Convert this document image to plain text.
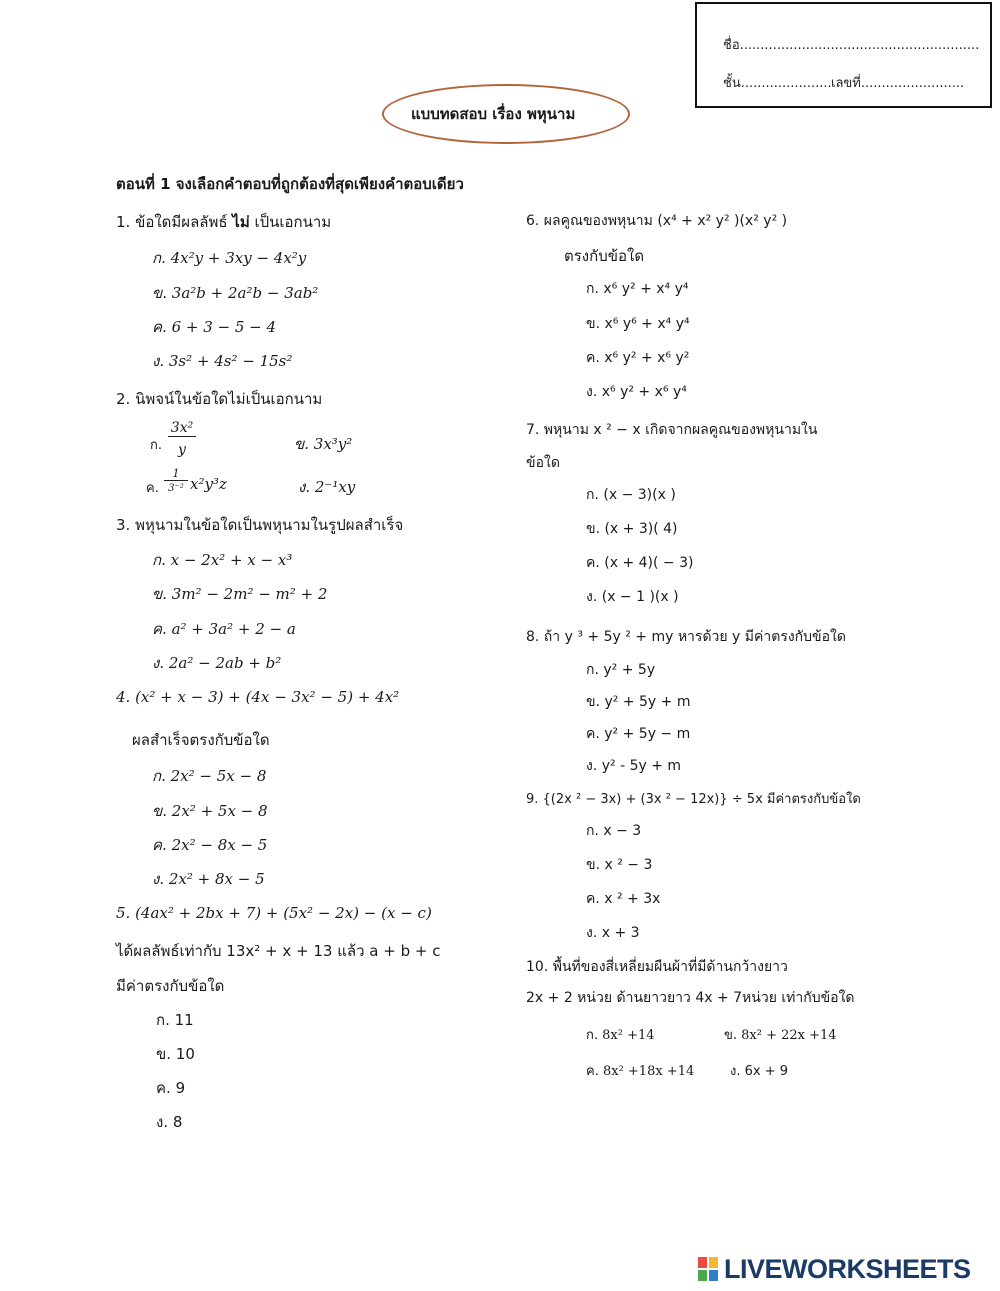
ชื่อ..........................................................
ชั้น...................... เลขที่.........................
แบบทดสอบ เรื่อง พหุนาม
ตอนที่ 1 จงเลือกคำตอบที่ถูกต้องที่สุดเพียงคำตอบเดียว
1. ข้อใดมีผลลัพธ์ ไม่ เป็นเอกนาม
ก. 4x²y + 3xy − 4x²y
ข. 3a²b + 2a²b − 3ab²
ค. 6 + 3 − 5 − 4
ง. 3s² + 4s² − 15s²
2. นิพจน์ในข้อใดไม่เป็นเอกนาม
ก.
3x²
y	ข. 3x³y²
ค.
1
3⁻² x²y³z	ง. 2⁻¹xy
3. พหุนามในข้อใดเป็นพหุนามในรูปผลสำเร็จ
ก. x − 2x² + x − x³
ข. 3m² − 2m² − m² + 2
ค. a² + 3a² + 2 − a
ง. 2a² − 2ab + b²
4. (x² + x − 3) + (4x − 3x² − 5) + 4x²
ผลสำเร็จตรงกับข้อใด
ก. 2x² − 5x − 8
ข. 2x² + 5x − 8
ค. 2x² − 8x − 5
ง. 2x² + 8x − 5
5. (4ax² + 2bx + 7) + (5x² − 2x) − (x − c)
ได้ผลลัพธ์เท่ากับ 13x² + x + 13 แล้ว a + b + c
มีค่าตรงกับข้อใด
ก. 11
ข. 10
ค. 9
ง. 8
6. ผลคูณของพหุนาม (x⁴ + x² y² )(x² y² )
ตรงกับข้อใด
ก. x⁶ y² + x⁴ y⁴
ข. x⁶ y⁶ + x⁴ y⁴
ค. x⁶ y² + x⁶ y²
ง. x⁶ y² + x⁶ y⁴
7. พหุนาม x ² − x เกิดจากผลคูณของพหุนามใน
ข้อใด
ก. (x − 3)(x )
ข. (x + 3)( 4)
ค. (x + 4)( − 3)
ง. (x − 1 )(x )
8. ถ้า y ³ + 5y ² + my หารด้วย y มีค่าตรงกับข้อใด
ก. y² + 5y
ข. y² + 5y + m
ค. y² + 5y − m
ง. y² - 5y + m
9. {(2x ² − 3x) + (3x ² − 12x)} ÷ 5x มีค่าตรงกับข้อใด
ก. x − 3
ข. x ² − 3
ค. x ² + 3x
ง. x + 3
10. พื้นที่ของสี่เหลี่ยมผืนผ้าที่มีด้านกว้างยาว
2x + 2 หน่วย ด้านยาวยาว 4x + 7หน่วย เท่ากับข้อใด
ก. 8x² +14	ข. 8x² + 22x +14
ค. 8x² +18x +14	ง. 6x + 9
LIVEWORKSHEETS
